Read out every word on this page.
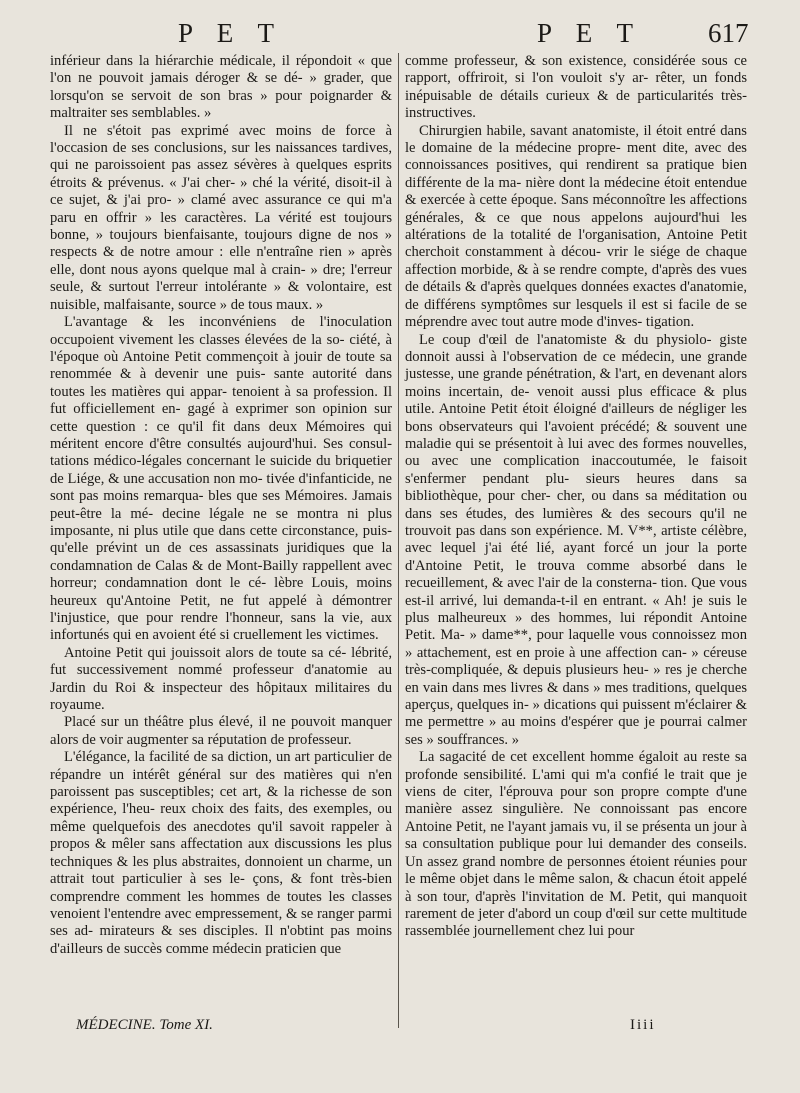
P E T	P E T 617

inférieur dans la hiérarchie médicale, il répondoit « que l'on ne pouvoit jamais déroger & se dé- » grader, que lorsqu'on se servoit de son bras » pour poignarder & maltraiter ses semblables. »

Il ne s'étoit pas exprimé avec moins de force à l'occasion de ses conclusions, sur les naissances tardives, qui ne paroissoient pas assez sévères à quelques esprits étroits & prévenus. « J'ai cher- » ché la vérité, disoit-il à ce sujet, & j'ai pro- » clamé avec assurance ce qui m'a paru en offrir » les caractères. La vérité est toujours bonne, » toujours bienfaisante, toujours digne de nos » respects & de notre amour : elle n'entraîne rien » après elle, dont nous ayons quelque mal à crain- » dre; l'erreur seule, & surtout l'erreur intolérante » & volontaire, est nuisible, malfaisante, source » de tous maux. »

L'avantage & les inconvéniens de l'inoculation occupoient vivement les classes élevées de la so- ciété, à l'époque où Antoine Petit commençoit à jouir de toute sa renommée & à devenir une puis- sante autorité dans toutes les matières qui appar- tenoient à sa profession. Il fut officiellement en- gagé à exprimer son opinion sur cette question : ce qu'il fit dans deux Mémoires qui méritent encore d'être consultés aujourd'hui. Ses consul- tations médico-légales concernant le suicide du briquetier de Liége, & une accusation non mo- tivée d'infanticide, ne sont pas moins remarqua- bles que ses Mémoires. Jamais peut-être la mé- decine légale ne se montra ni plus imposante, ni plus utile que dans cette circonstance, puis- qu'elle prévint un de ces assassinats juridiques que la condamnation de Calas & de Mont-Bailly rappellent avec horreur; condamnation dont le cé- lèbre Louis, moins heureux qu'Antoine Petit, ne fut appelé à démontrer l'injustice, que pour rendre l'honneur, sans la vie, aux infortunés qui en avoient été si cruellement les victimes.

Antoine Petit qui jouissoit alors de toute sa cé- lébrité, fut successivement nommé professeur d'anatomie au Jardin du Roi & inspecteur des hôpitaux militaires du royaume.

Placé sur un théâtre plus élevé, il ne pouvoit manquer alors de voir augmenter sa réputation de professeur.

L'élégance, la facilité de sa diction, un art particulier de répandre un intérêt général sur des matières qui n'en paroissent pas susceptibles; cet art, & la richesse de son expérience, l'heu- reux choix des faits, des exemples, ou même quelquefois des anecdotes qu'il savoit rappeler à propos & mêler sans affectation aux discussions les plus techniques & les plus abstraites, donnoient un charme, un attrait tout particulier à ses le- çons, & font très-bien comprendre comment les hommes de toutes les classes venoient l'entendre avec empressement, & se ranger parmi ses ad- mirateurs & ses disciples. Il n'obtint pas moins d'ailleurs de succès comme médecin praticien que

comme professeur, & son existence, considérée sous ce rapport, offriroit, si l'on vouloit s'y ar- rêter, un fonds inépuisable de détails curieux & de particularités très-instructives.

Chirurgien habile, savant anatomiste, il étoit entré dans le domaine de la médecine propre- ment dite, avec des connoissances positives, qui rendirent sa pratique bien différente de la ma- nière dont la médecine étoit entendue & exercée à cette époque. Sans méconnoître les affections générales, & ce que nous appelons aujourd'hui les altérations de la totalité de l'organisation, Antoine Petit cherchoit constamment à décou- vrir le siége de chaque affection morbide, & à se rendre compte, d'après des vues de détails & d'après quelques données exactes d'anatomie, de différens symptômes sur lesquels il est si facile de se méprendre avec tout autre mode d'inves- tigation.

Le coup d'œil de l'anatomiste & du physiolo- giste donnoit aussi à l'observation de ce médecin, une grande justesse, une grande pénétration, & l'art, en devenant alors moins incertain, de- venoit aussi plus efficace & plus utile. Antoine Petit étoit éloigné d'ailleurs de négliger les bons observateurs qui l'avoient précédé; & souvent une maladie qui se présentoit à lui avec des formes nouvelles, ou avec une complication inaccoutumée, le faisoit s'enfermer pendant plu- sieurs heures dans sa bibliothèque, pour cher- cher, ou dans sa méditation ou dans ses études, des lumières & des secours qu'il ne trouvoit pas dans son expérience. M. V**, artiste célèbre, avec lequel j'ai été lié, ayant forcé un jour la porte d'Antoine Petit, le trouva comme absorbé dans le recueillement, & avec l'air de la consterna- tion. Que vous est-il arrivé, lui demanda-t-il en entrant. « Ah! je suis le plus malheureux » des hommes, lui répondit Antoine Petit. Ma- » dame**, pour laquelle vous connoissez mon » attachement, est en proie à une affection can- » céreuse très-compliquée, & depuis plusieurs heu- » res je cherche en vain dans mes livres & dans » mes traditions, quelques aperçus, quelques in- » dications qui puissent m'éclairer & me permettre » au moins d'espérer que je pourrai calmer ses » souffrances. »

La sagacité de cet excellent homme égaloit au reste sa profonde sensibilité. L'ami qui m'a confié le trait que je viens de citer, l'éprouva pour son propre compte d'une manière assez singulière. Ne connoissant pas encore Antoine Petit, ne l'ayant jamais vu, il se présenta un jour à sa consultation publique pour lui demander des conseils. Un assez grand nombre de personnes étoient réunies pour le même objet dans le même salon, & chacun étoit appelé à son tour, d'après l'invitation de M. Petit, qui manquoit rarement de jeter d'abord un coup d'œil sur cette multitude rassemblée journellement chez lui pour

MÉDECINE. Tome XI.	Iiii
